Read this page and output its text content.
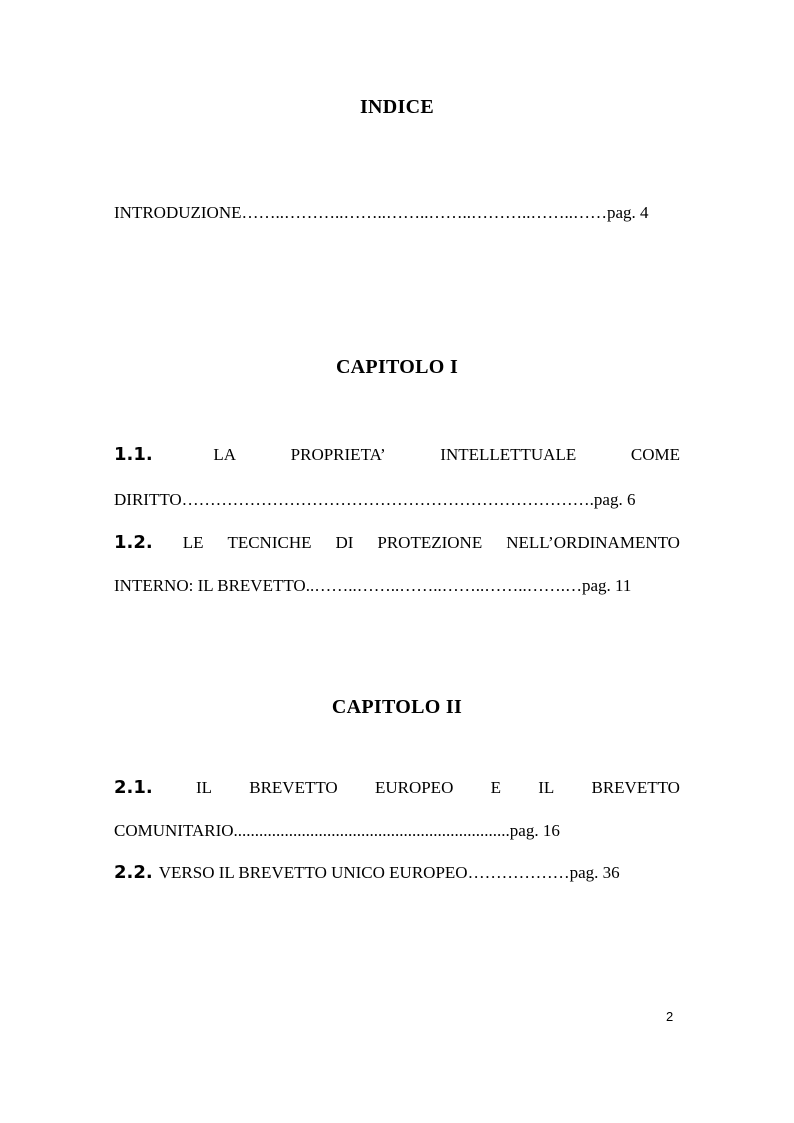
INDICE
INTRODUZIONE……..………..……..……..……..………..……..……pag. 4
CAPITOLO I
1.1.	LA	PROPRIETA’	INTELLETTUALE	COME
DIRITTO……………………………………………………………….pag. 6
1.2. LE TECNICHE DI PROTEZIONE NELL’ORDINAMENTO
INTERNO: IL BREVETTO..……..……..……..……..……..…….…pag. 11
CAPITOLO II
2.1.	IL BREVETTO EUROPEO E IL BREVETTO
COMUNITARIO.................................................................pag. 16
2.2. VERSO IL BREVETTO UNICO EUROPEO………………pag. 36
2
